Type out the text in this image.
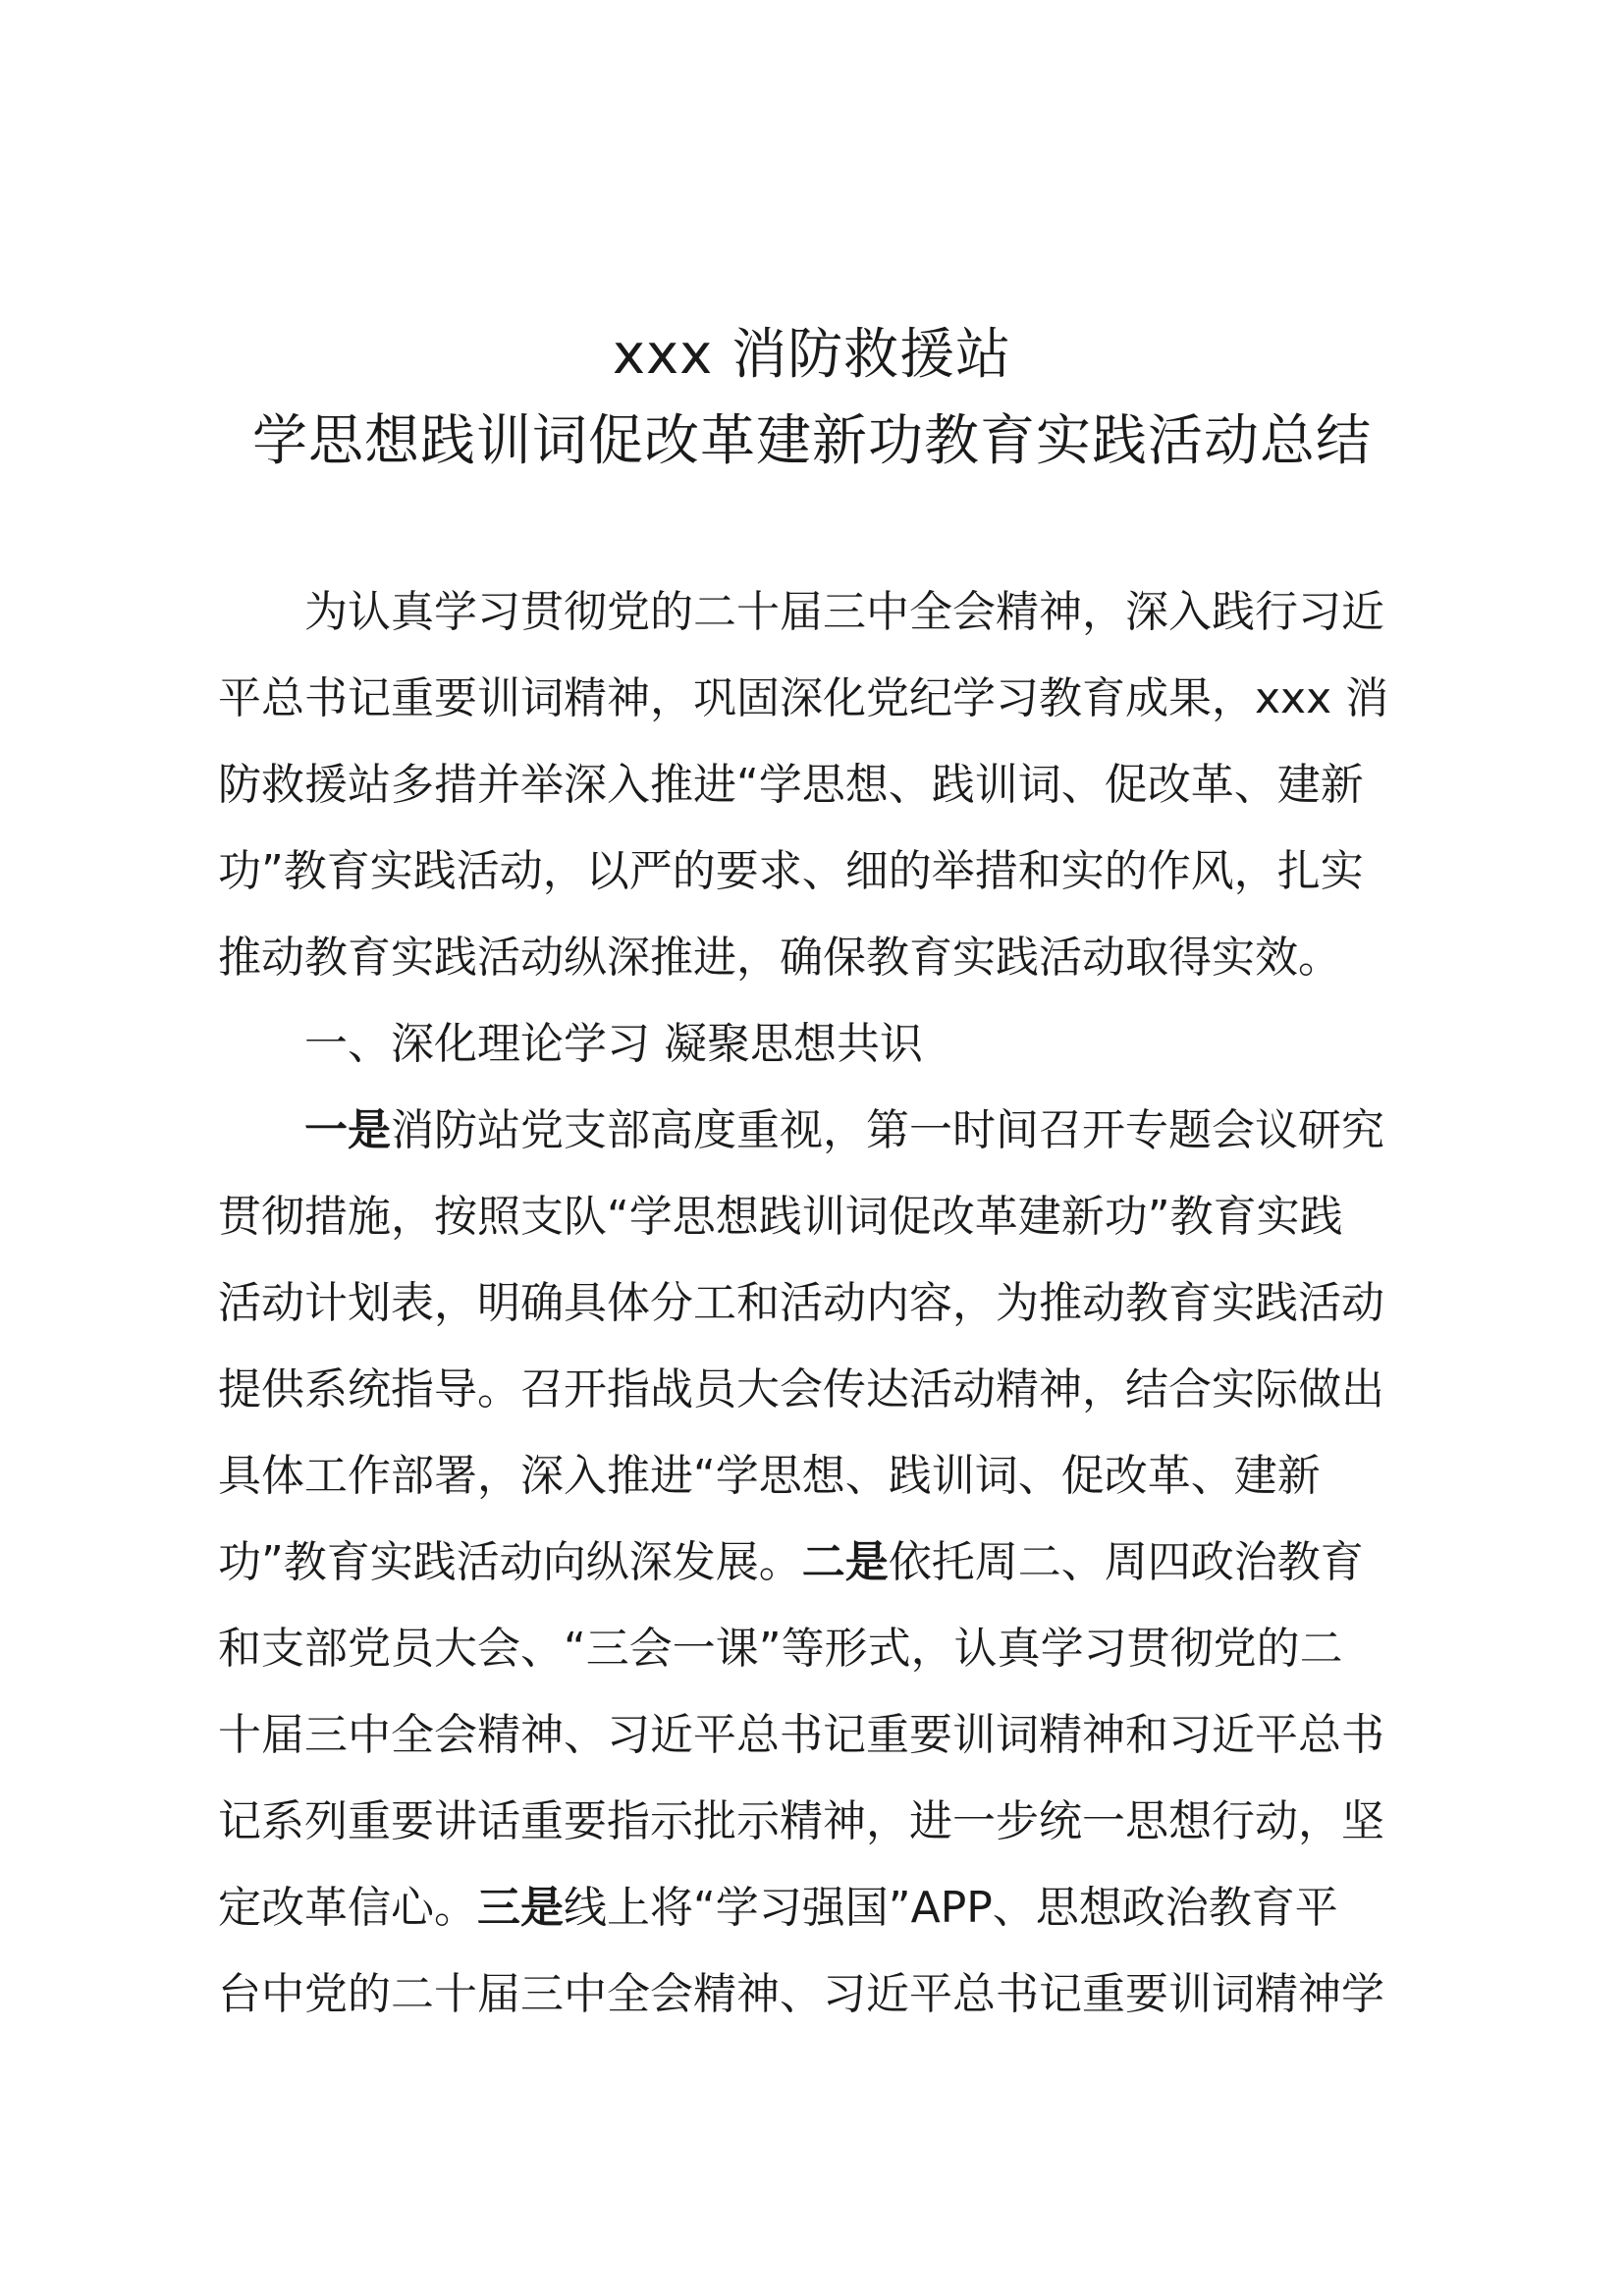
xxx 消防救援站

学思想践训词促改革建新功教育实践活动总结

为认真学习贯彻党的二十届三中全会精神，深入践行习近

平总书记重要训词精神，巩固深化党纪学习教育成果，xxx 消

防救援站多措并举深入推进“学思想、践训词、促改革、建新

功”教育实践活动，以严的要求、细的举措和实的作风，扎实

推动教育实践活动纵深推进，确保教育实践活动取得实效。

一、深化理论学习 凝聚思想共识

一是消防站党支部高度重视，第一时间召开专题会议研究

贯彻措施，按照支队“学思想践训词促改革建新功”教育实践

活动计划表，明确具体分工和活动内容，为推动教育实践活动

提供系统指导。召开指战员大会传达活动精神，结合实际做出

具体工作部署，深入推进“学思想、践训词、促改革、建新

功”教育实践活动向纵深发展。二是依托周二、周四政治教育

和支部党员大会、“三会一课”等形式，认真学习贯彻党的二

十届三中全会精神、习近平总书记重要训词精神和习近平总书

记系列重要讲话重要指示批示精神，进一步统一思想行动，坚

定改革信心。三是线上将“学习强国”APP、思想政治教育平

台中党的二十届三中全会精神、习近平总书记重要训词精神学
